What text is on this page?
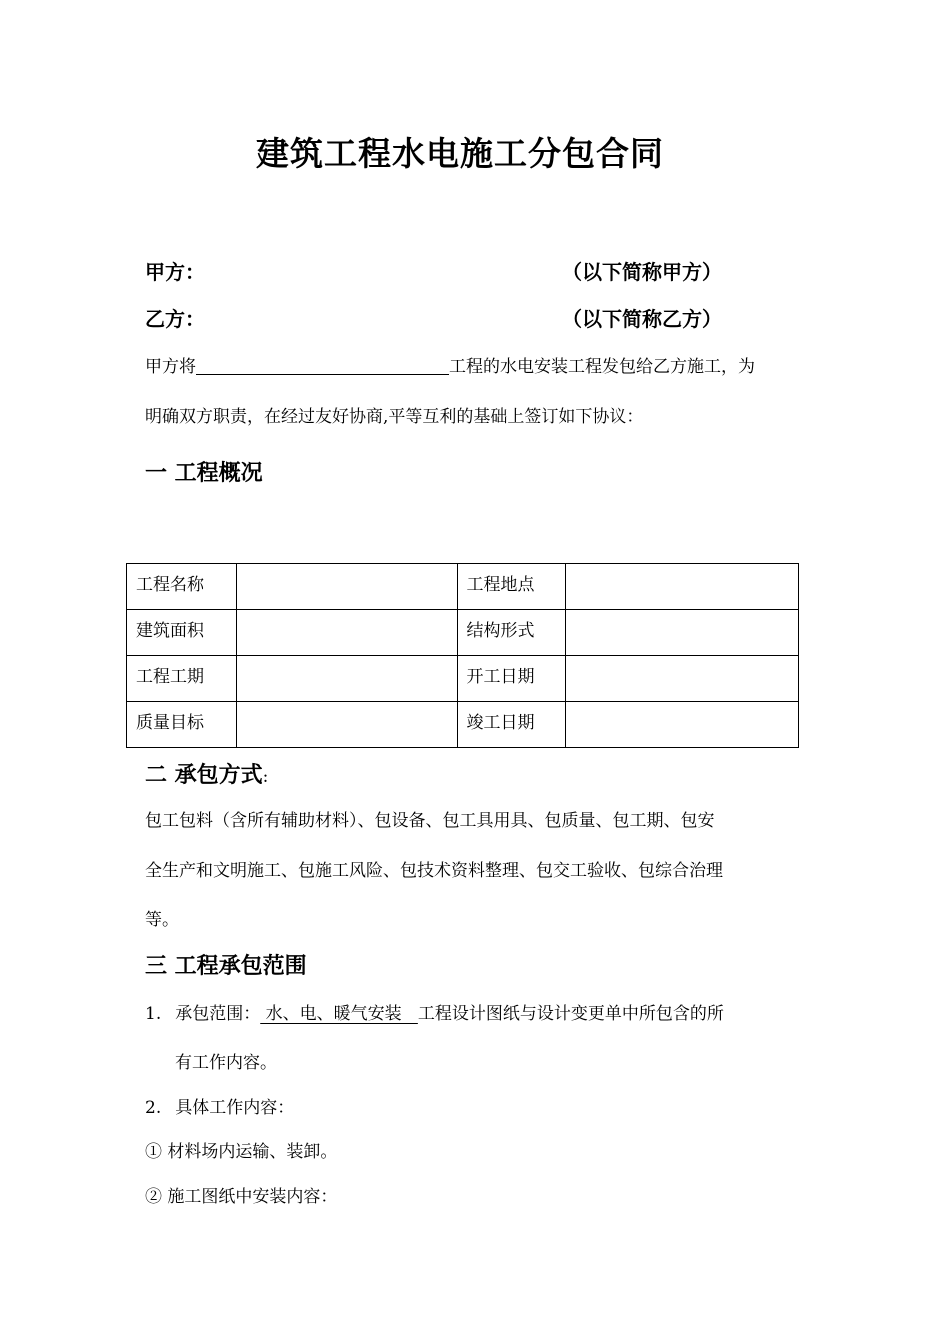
建筑工程水电施工分包合同
甲方：	（以下简称甲方）
乙方：	（以下简称乙方）
甲方将	工程的水电安装工程发包给乙方施工，为
明确双方职责，在经过友好协商,平等互利的基础上签订如下协议：
一 工程概况
工程名称		工程地点	
建筑面积		结构形式	
工程工期		开工日期	
质量目标		竣工日期	
二 承包方式:
包工包料（含所有辅助材料）、包设备、包工具用具、包质量、包工期、包安
全生产和文明施工、包施工风险、包技术资料整理、包交工验收、包综合治理
等。
三 工程承包范围
1. 承包范围： 水、电、暖气安装   工程设计图纸与设计变更单中所包含的所
有工作内容。
2. 具体工作内容：
① 材料场内运输、装卸。
② 施工图纸中安装内容：
